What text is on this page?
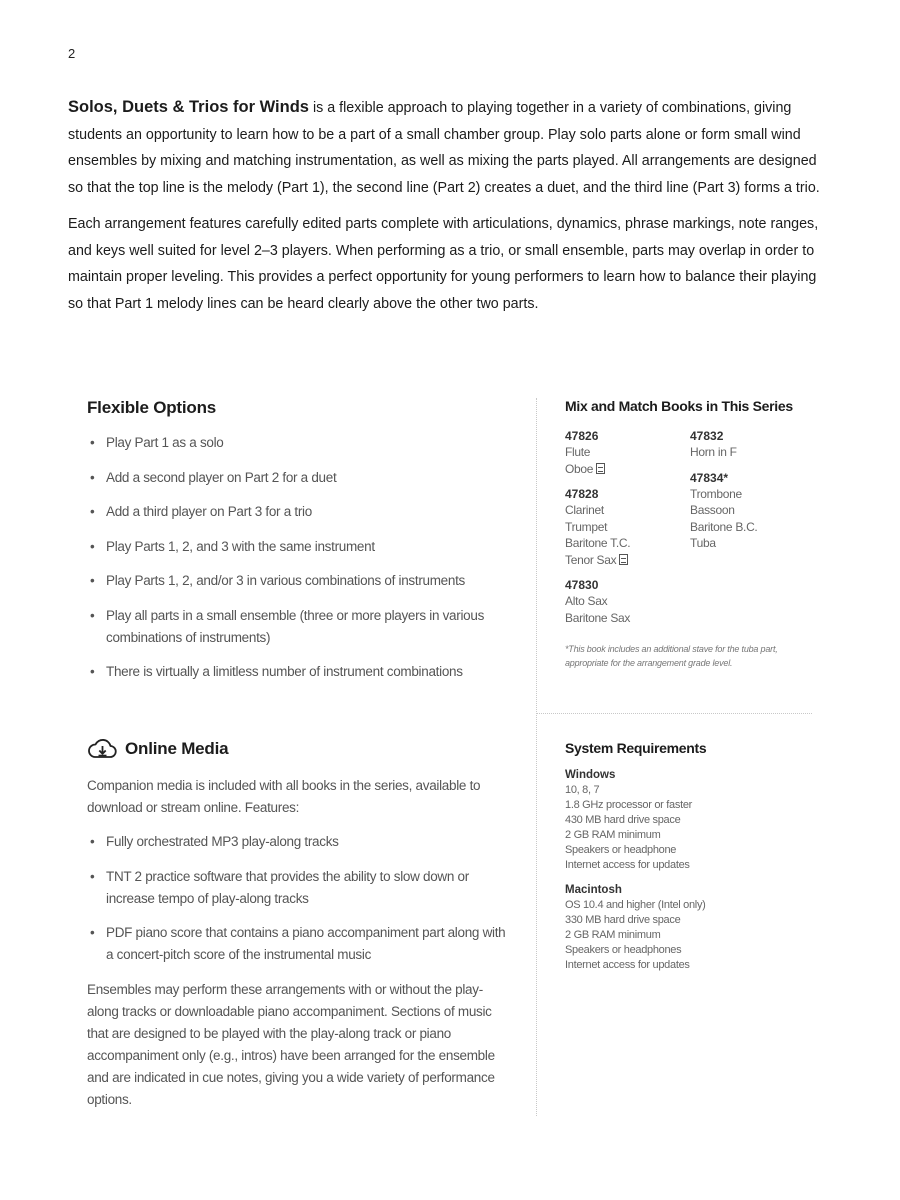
2

Solos, Duets & Trios for Winds is a flexible approach to playing together in a variety of combinations, giving students an opportunity to learn how to be a part of a small chamber group. Play solo parts alone or form small wind ensembles by mixing and matching instrumentation, as well as mixing the parts played. All arrangements are designed so that the top line is the melody (Part 1), the second line (Part 2) creates a duet, and the third line (Part 3) forms a trio.

Each arrangement features carefully edited parts complete with articulations, dynamics, phrase markings, note ranges, and keys well suited for level 2–3 players. When performing as a trio, or small ensemble, parts may overlap in order to maintain proper leveling. This provides a perfect opportunity for young performers to learn how to balance their playing so that Part 1 melody lines can be heard clearly above the other two parts.

Flexible Options
• Play Part 1 as a solo
• Add a second player on Part 2 for a duet
• Add a third player on Part 3 for a trio
• Play Parts 1, 2, and 3 with the same instrument
• Play Parts 1, 2, and/or 3 in various combinations of instruments
• Play all parts in a small ensemble (three or more players in various combinations of instruments)
• There is virtually a limitless number of instrument combinations
Online Media

Companion media is included with all books in the series, available to download or stream online. Features:

• Fully orchestrated MP3 play-along tracks
• TNT 2 practice software that provides the ability to slow down or increase tempo of play-along tracks
• PDF piano score that contains a piano accompaniment part along with a concert-pitch score of the instrumental music

Ensembles may perform these arrangements with or without the play-along tracks or downloadable piano accompaniment. Sections of music that are designed to be played with the play-along track or piano accompaniment only (e.g., intros) have been arranged for the ensemble and are indicated in cue notes, giving you a wide variety of performance options.

Mix and Match Books in This Series
47826
Flute
Oboe
47828
Clarinet
Trumpet
Baritone T.C.
Tenor Sax
47830
Alto Sax
Baritone Sax
47832
Horn in F
47834*
Trombone
Bassoon
Baritone B.C.
Tuba
*This book includes an additional stave for the tuba part, appropriate for the arrangement grade level.
System Requirements
Windows
10, 8, 7
1.8 GHz processor or faster
430 MB hard drive space
2 GB RAM minimum
Speakers or headphone
Internet access for updates
Macintosh
OS 10.4 and higher (Intel only)
330 MB hard drive space
2 GB RAM minimum
Speakers or headphones
Internet access for updates
